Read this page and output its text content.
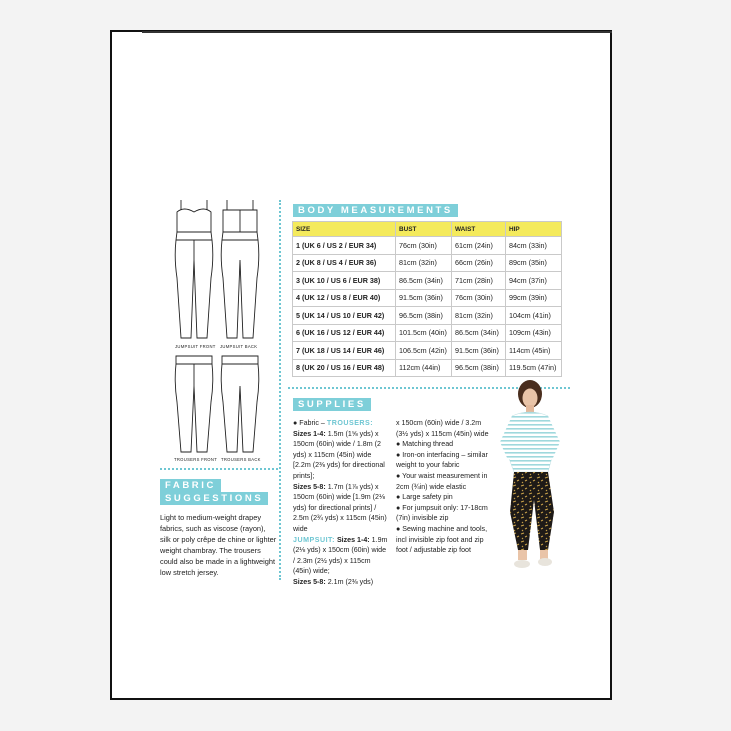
JUMPSUIT FRONT JUMPSUIT BACK
TROUSERS FRONT TROUSERS BACK
BODY MEASUREMENTS
SIZE	BUST	WAIST	HIP
1 (UK 6 / US 2 / EUR 34)	76cm (30in)	61cm (24in)	84cm (33in)
2 (UK 8 / US 4 / EUR 36)	81cm (32in)	66cm (26in)	89cm (35in)
3 (UK 10 / US 6 / EUR 38)	86.5cm (34in)	71cm (28in)	94cm (37in)
4 (UK 12 / US 8 / EUR 40)	91.5cm (36in)	76cm (30in)	99cm (39in)
5 (UK 14 / US 10 / EUR 42)	96.5cm (38in)	81cm (32in)	104cm (41in)
6 (UK 16 / US 12 / EUR 44)	101.5cm (40in)	86.5cm (34in)	109cm (43in)
7 (UK 18 / US 14 / EUR 46)	106.5cm (42in)	91.5cm (36in)	114cm (45in)
8 (UK 20 / US 16 / EUR 48)	112cm (44in)	96.5cm (38in)	119.5cm (47in)
FABRIC
SUGGESTIONS
Light to medium-weight drapey fabrics, such as viscose (rayon), silk or poly crêpe de chine or lighter weight chambray. The trousers could also be made in a lightweight low stretch jersey.
SUPPLIES

● Fabric – TROUSERS:

Sizes 1-4: 1.5m (1⅝ yds) x 150cm (60in) wide / 1.8m (2 yds) x 115cm (45in) wide [2.2m (2⅜ yds) for directional prints];

Sizes 5-8: 1.7m (1⅞ yds) x 150cm (60in) wide [1.9m (2⅛ yds) for directional prints] / 2.5m (2¾ yds) x 115cm (45in) wide

JUMPSUIT: Sizes 1-4: 1.9m (2⅛ yds) x 150cm (60in) wide / 2.3m (2½ yds) x 115cm (45in) wide;

Sizes 5-8: 2.1m (2⅜ yds)

x 150cm (60in) wide / 3.2m (3½ yds) x 115cm (45in) wide

● Matching thread

● Iron-on interfacing – similar weight to your fabric

● Your waist measurement in 2cm (¾in) wide elastic

● Large safety pin

● For jumpsuit only: 17-18cm (7in) invisible zip

● Sewing machine and tools, incl invisible zip foot and zip foot / adjustable zip foot
